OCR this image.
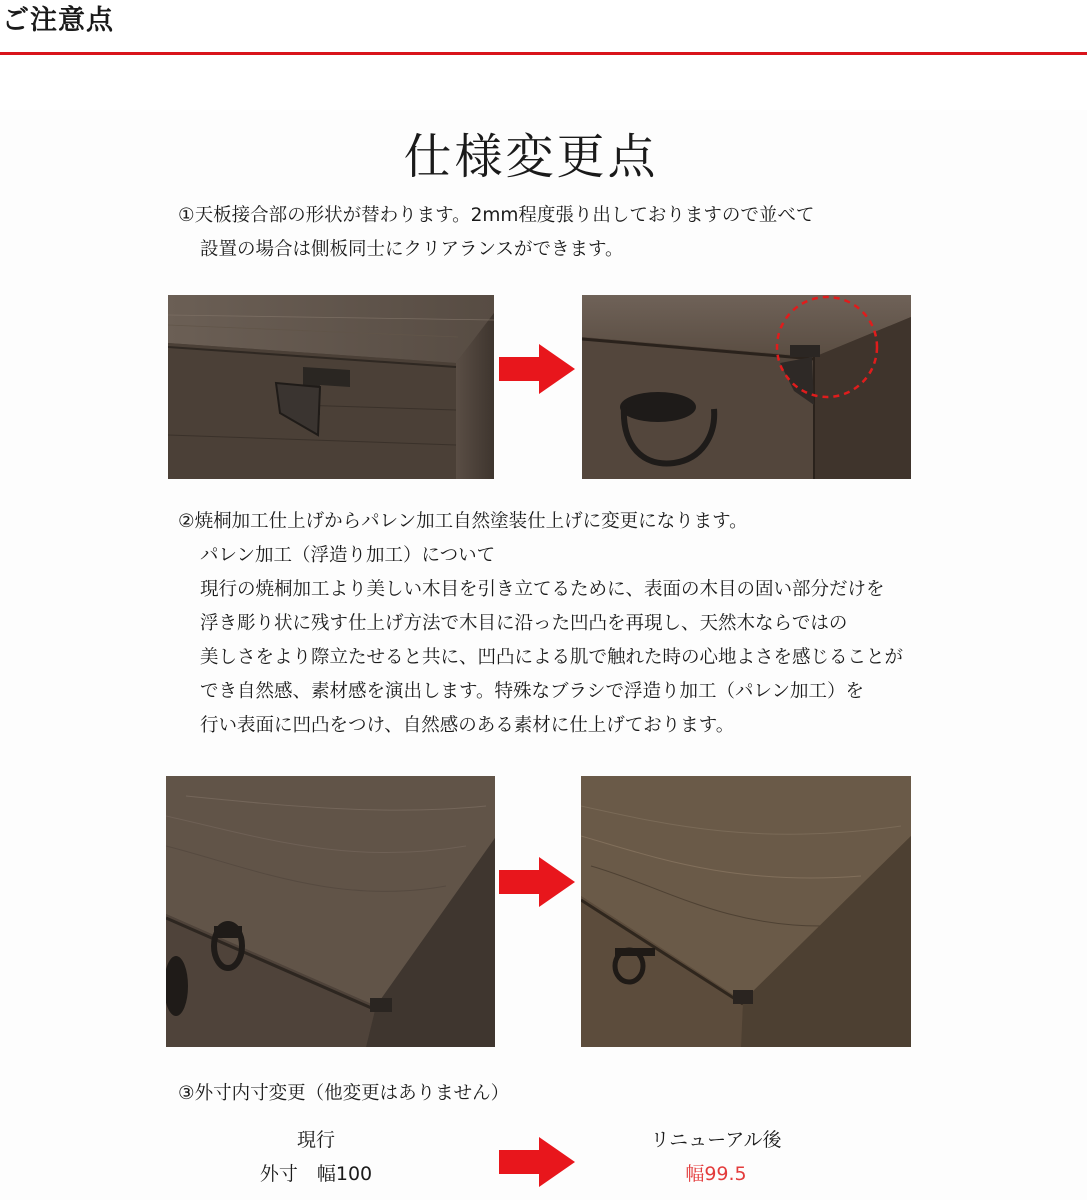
ご注意点
仕様変更点
①天板接合部の形状が替わります。2mm程度張り出しておりますので並べて
設置の場合は側板同士にクリアランスができます。
②焼桐加工仕上げからパレン加工自然塗装仕上げに変更になります。
パレン加工（浮造り加工）について
現行の焼桐加工より美しい木目を引き立てるために、表面の木目の固い部分だけを
浮き彫り状に残す仕上げ方法で木目に沿った凹凸を再現し、天然木ならではの
美しさをより際立たせると共に、凹凸による肌で触れた時の心地よさを感じることが
でき自然感、素材感を演出します。特殊なブラシで浮造り加工（パレン加工）を
行い表面に凹凸をつけ、自然感のある素材に仕上げております。
③外寸内寸変更（他変更はありません）
現行
外寸　幅100
リニューアル後
幅99.5
